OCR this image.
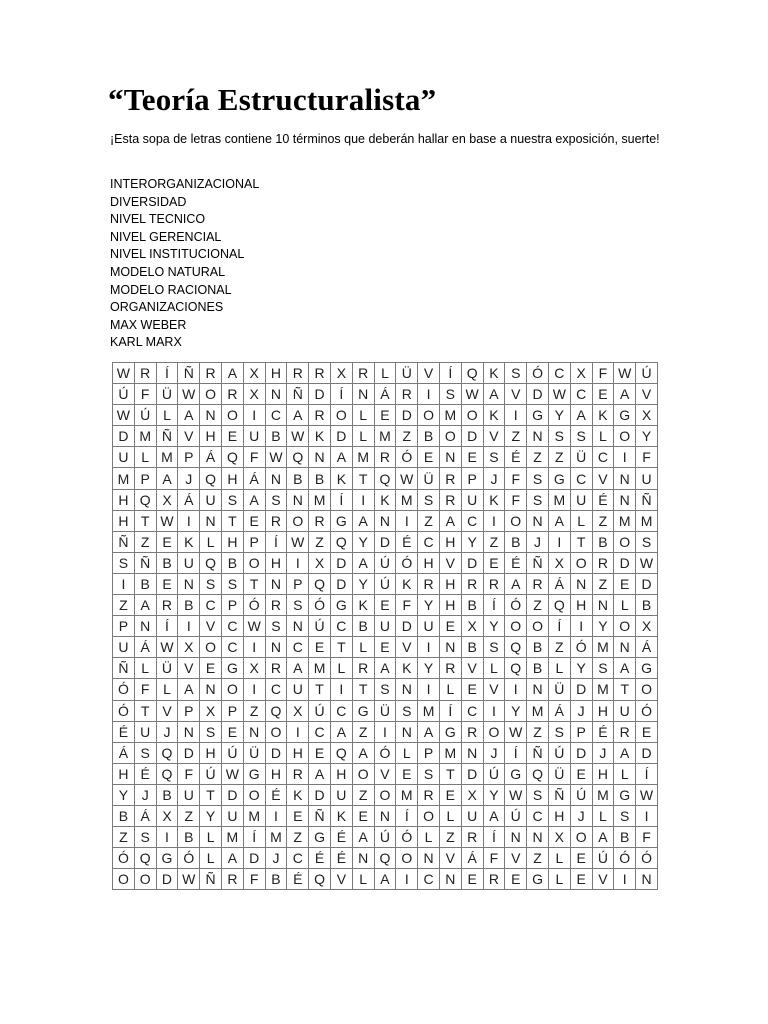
“Teoría Estructuralista”

¡Esta sopa de letras contiene 10 términos que deberán hallar en base a nuestra exposición, suerte!

INTERORGANIZACIONAL
DIVERSIDAD
NIVEL TECNICO
NIVEL GERENCIAL
NIVEL INSTITUCIONAL
MODELO NATURAL
MODELO RACIONAL
ORGANIZACIONES
MAX WEBER
KARL MARX
W	R	Í	Ñ	R	A	X	H	R	R	X	R	L	Ü	V	Í	Q	K	S	Ó	C	X	F	W	Ú
Ú	F	Ü	W	O	R	X	N	Ñ	D	Í	N	Á	R	I	S	W	A	V	D	W	C	E	A	V
W	Ú	L	A	N	O	I	C	A	R	O	L	E	D	O	M	O	K	I	G	Y	A	K	G	X
D	M	Ñ	V	H	E	U	B	W	K	D	L	M	Z	B	O	D	V	Z	N	S	S	L	O	Y
U	L	M	P	Á	Q	F	W	Q	N	A	M	R	Ó	E	N	E	S	É	Z	Z	Ü	C	I	F
M	P	A	J	Q	H	Á	N	B	B	K	T	Q	W	Ü	R	P	J	F	S	G	C	V	N	U
H	Q	X	Á	U	S	A	S	N	M	Í	I	K	M	S	R	U	K	F	S	M	U	É	N	Ñ
H	T	W	I	N	T	E	R	O	R	G	A	N	I	Z	A	C	I	O	N	A	L	Z	M	M
Ñ	Z	E	K	L	H	P	Í	W	Z	Q	Y	D	É	C	H	Y	Z	B	J	I	T	B	O	S
S	Ñ	B	U	Q	B	O	H	I	X	D	A	Ú	Ó	H	V	D	E	É	Ñ	X	O	R	D	W
I	B	E	N	S	S	T	N	P	Q	D	Y	Ú	K	R	H	R	R	A	R	Á	N	Z	E	D
Z	A	R	B	C	P	Ó	R	S	Ó	G	K	E	F	Y	H	B	Í	Ó	Z	Q	H	N	L	B
P	N	Í	I	V	C	W	S	N	Ú	C	B	U	D	U	E	X	Y	O	O	Í	I	Y	O	X
U	Á	W	X	O	C	I	N	C	E	T	L	E	V	I	N	B	S	Q	B	Z	Ó	M	N	Á
Ñ	L	Ü	V	E	G	X	R	A	M	L	R	A	K	Y	R	V	L	Q	B	L	Y	S	A	G
Ó	F	L	A	N	O	I	C	U	T	I	T	S	N	I	L	E	V	I	N	Ü	D	M	T	O
Ó	T	V	P	X	P	Z	Q	X	Ú	C	G	Ü	S	M	Í	C	I	Y	M	Á	J	H	U	Ó
É	U	J	N	S	E	N	O	I	C	A	Z	I	N	A	G	R	O	W	Z	S	P	É	R	E
Á	S	Q	D	H	Ú	Ü	D	H	E	Q	A	Ó	L	P	M	N	J	Í	Ñ	Ú	D	J	A	D
H	É	Q	F	Ú	W	G	H	R	A	H	O	V	E	S	T	D	Ú	G	Q	Ü	E	H	L	Í
Y	J	B	U	T	D	O	É	K	D	U	Z	O	M	R	E	X	Y	W	S	Ñ	Ú	M	G	W
B	Á	X	Z	Y	U	M	I	E	Ñ	K	E	N	Í	O	L	U	A	Ú	C	H	J	L	S	I
Z	S	I	B	L	M	Í	M	Z	G	É	A	Ú	Ó	L	Z	R	Í	N	N	X	O	A	B	F
Ó	Q	G	Ó	L	A	D	J	C	É	É	N	Q	O	N	V	Á	F	V	Z	L	E	Ú	Ó	Ó
O	O	D	W	Ñ	R	F	B	É	Q	V	L	A	I	C	N	E	R	E	G	L	E	V	I	N
